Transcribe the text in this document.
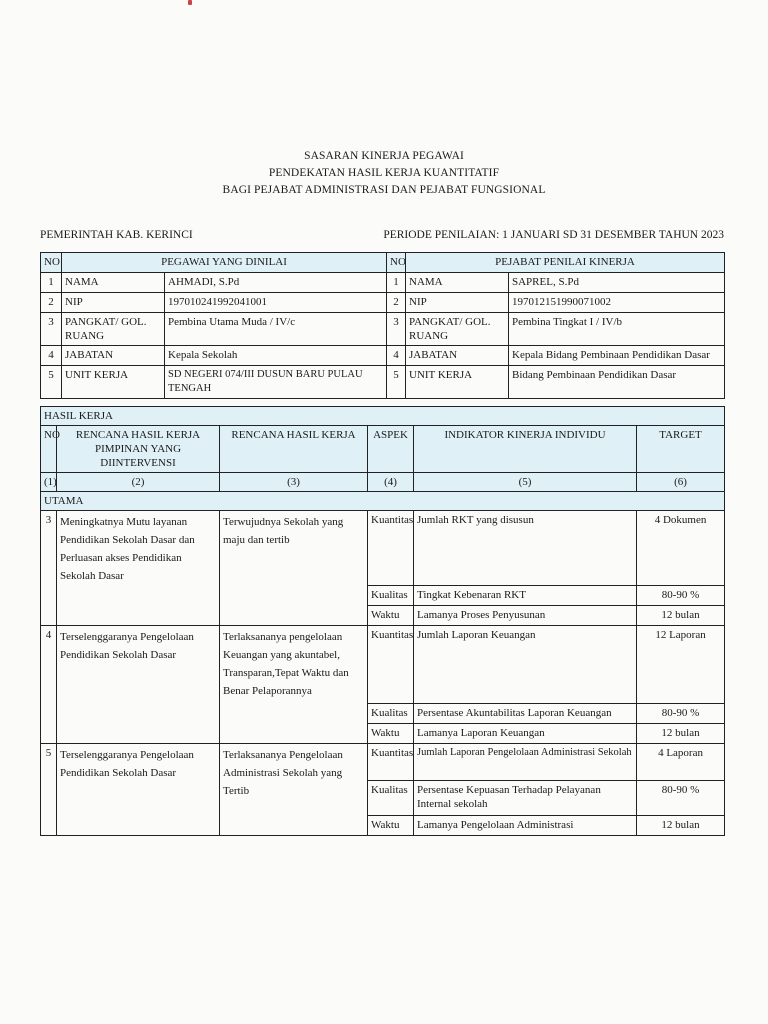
SASARAN KINERJA PEGAWAI
PENDEKATAN HASIL KERJA KUANTITATIF
BAGI PEJABAT ADMINISTRASI DAN PEJABAT FUNGSIONAL
PEMERINTAH KAB. KERINCI	PERIODE PENILAIAN: 1 JANUARI SD 31 DESEMBER TAHUN 2023
NO	PEGAWAI YANG DINILAI		NO	PEJABAT PENILAI KINERJA	
1	NAMA	AHMADI, S.Pd	1	NAMA	SAPREL, S.Pd
2	NIP	197010241992041001	2	NIP	197012151990071002
3	PANGKAT/ GOL. RUANG	Pembina Utama Muda / IV/c	3	PANGKAT/ GOL. RUANG	Pembina Tingkat I / IV/b
4	JABATAN	Kepala Sekolah	4	JABATAN	Kepala Bidang Pembinaan Pendidikan Dasar
5	UNIT KERJA	SD NEGERI 074/III DUSUN BARU PULAU TENGAH	5	UNIT KERJA	Bidang Pembinaan Pendidikan Dasar
HASIL KERJA					
NO	RENCANA HASIL KERJA PIMPINAN YANG DIINTERVENSI	RENCANA HASIL KERJA	ASPEK	INDIKATOR KINERJA INDIVIDU	TARGET
(1)	(2)	(3)	(4)	(5)	(6)
UTAMA					
3	Meningkatnya Mutu layanan Pendidikan Sekolah Dasar dan Perluasan akses Pendidikan Sekolah Dasar	Terwujudnya Sekolah yang maju dan tertib	Kuantitas	Jumlah RKT yang disusun	4 Dokumen
			Kualitas	Tingkat Kebenaran RKT	80-90 %
			Waktu	Lamanya Proses Penyusunan	12 bulan
4	Terselenggaranya Pengelolaan Pendidikan Sekolah Dasar	Terlaksananya pengelolaan Keuangan yang akuntabel, Transparan,Tepat Waktu dan Benar Pelaporannya	Kuantitas	Jumlah Laporan Keuangan	12 Laporan
			Kualitas	Persentase Akuntabilitas Laporan Keuangan	80-90 %
			Waktu	Lamanya Laporan Keuangan	12 bulan
5	Terselenggaranya Pengelolaan Pendidikan Sekolah Dasar	Terlaksananya Pengelolaan Administrasi Sekolah yang Tertib	Kuantitas	Jumlah Laporan Pengelolaan Administrasi Sekolah	4 Laporan
			Kualitas	Persentase Kepuasan Terhadap Pelayanan Internal sekolah	80-90 %
			Waktu	Lamanya Pengelolaan Administrasi	12 bulan
